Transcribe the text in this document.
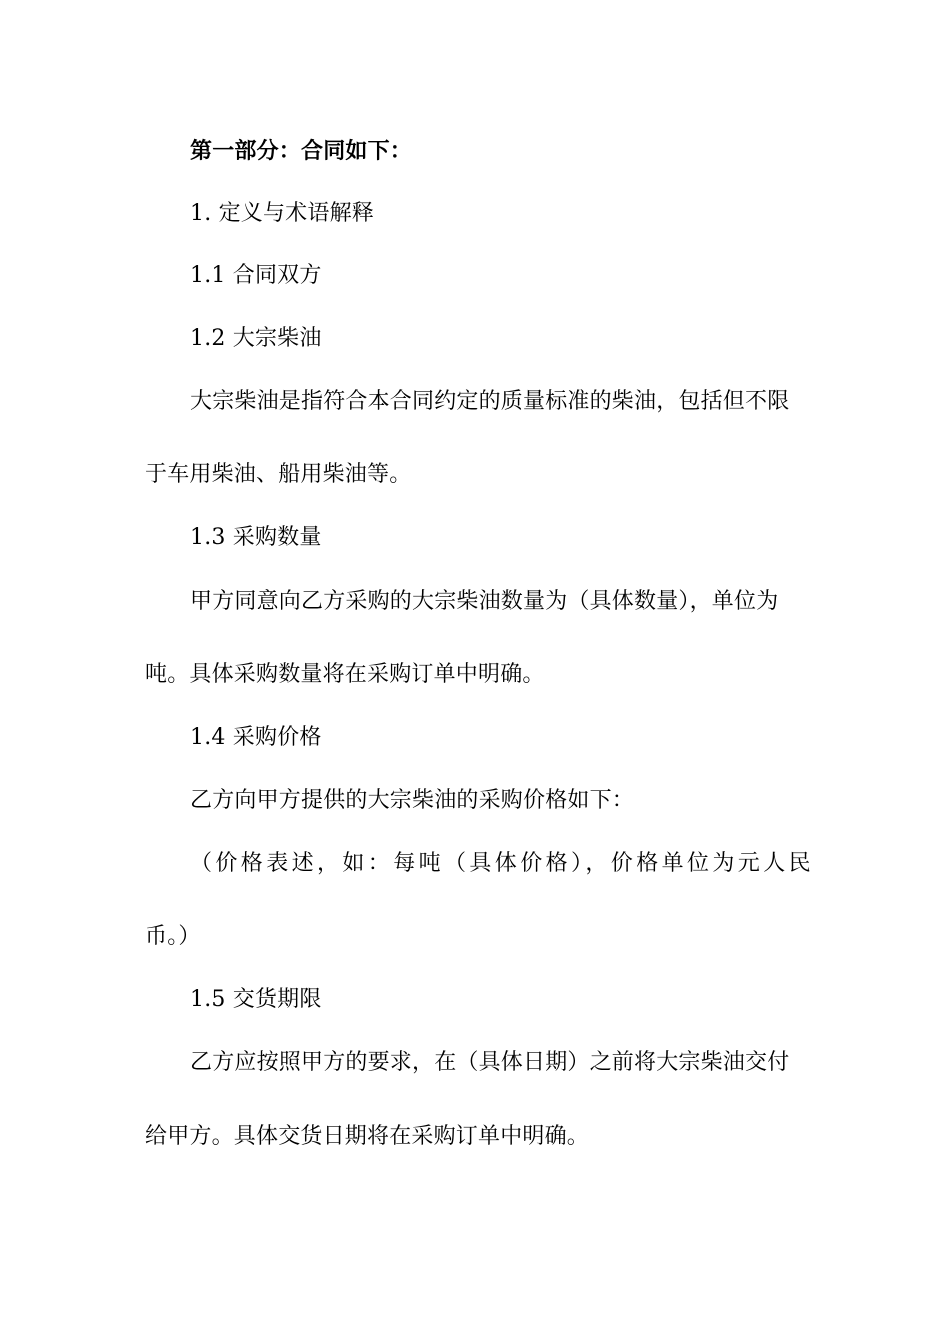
第一部分：合同如下：

1. 定义与术语解释

1.1 合同双方

1.2 大宗柴油

大宗柴油是指符合本合同约定的质量标准的柴油，包括但不限

于车用柴油、船用柴油等。

1.3 采购数量

甲方同意向乙方采购的大宗柴油数量为（具体数量），单位为

吨。具体采购数量将在采购订单中明确。

1.4 采购价格

乙方向甲方提供的大宗柴油的采购价格如下：

（价格表述，如：每吨（具体价格），价格单位为元人民

币。）

1.5 交货期限

乙方应按照甲方的要求，在（具体日期）之前将大宗柴油交付

给甲方。具体交货日期将在采购订单中明确。
